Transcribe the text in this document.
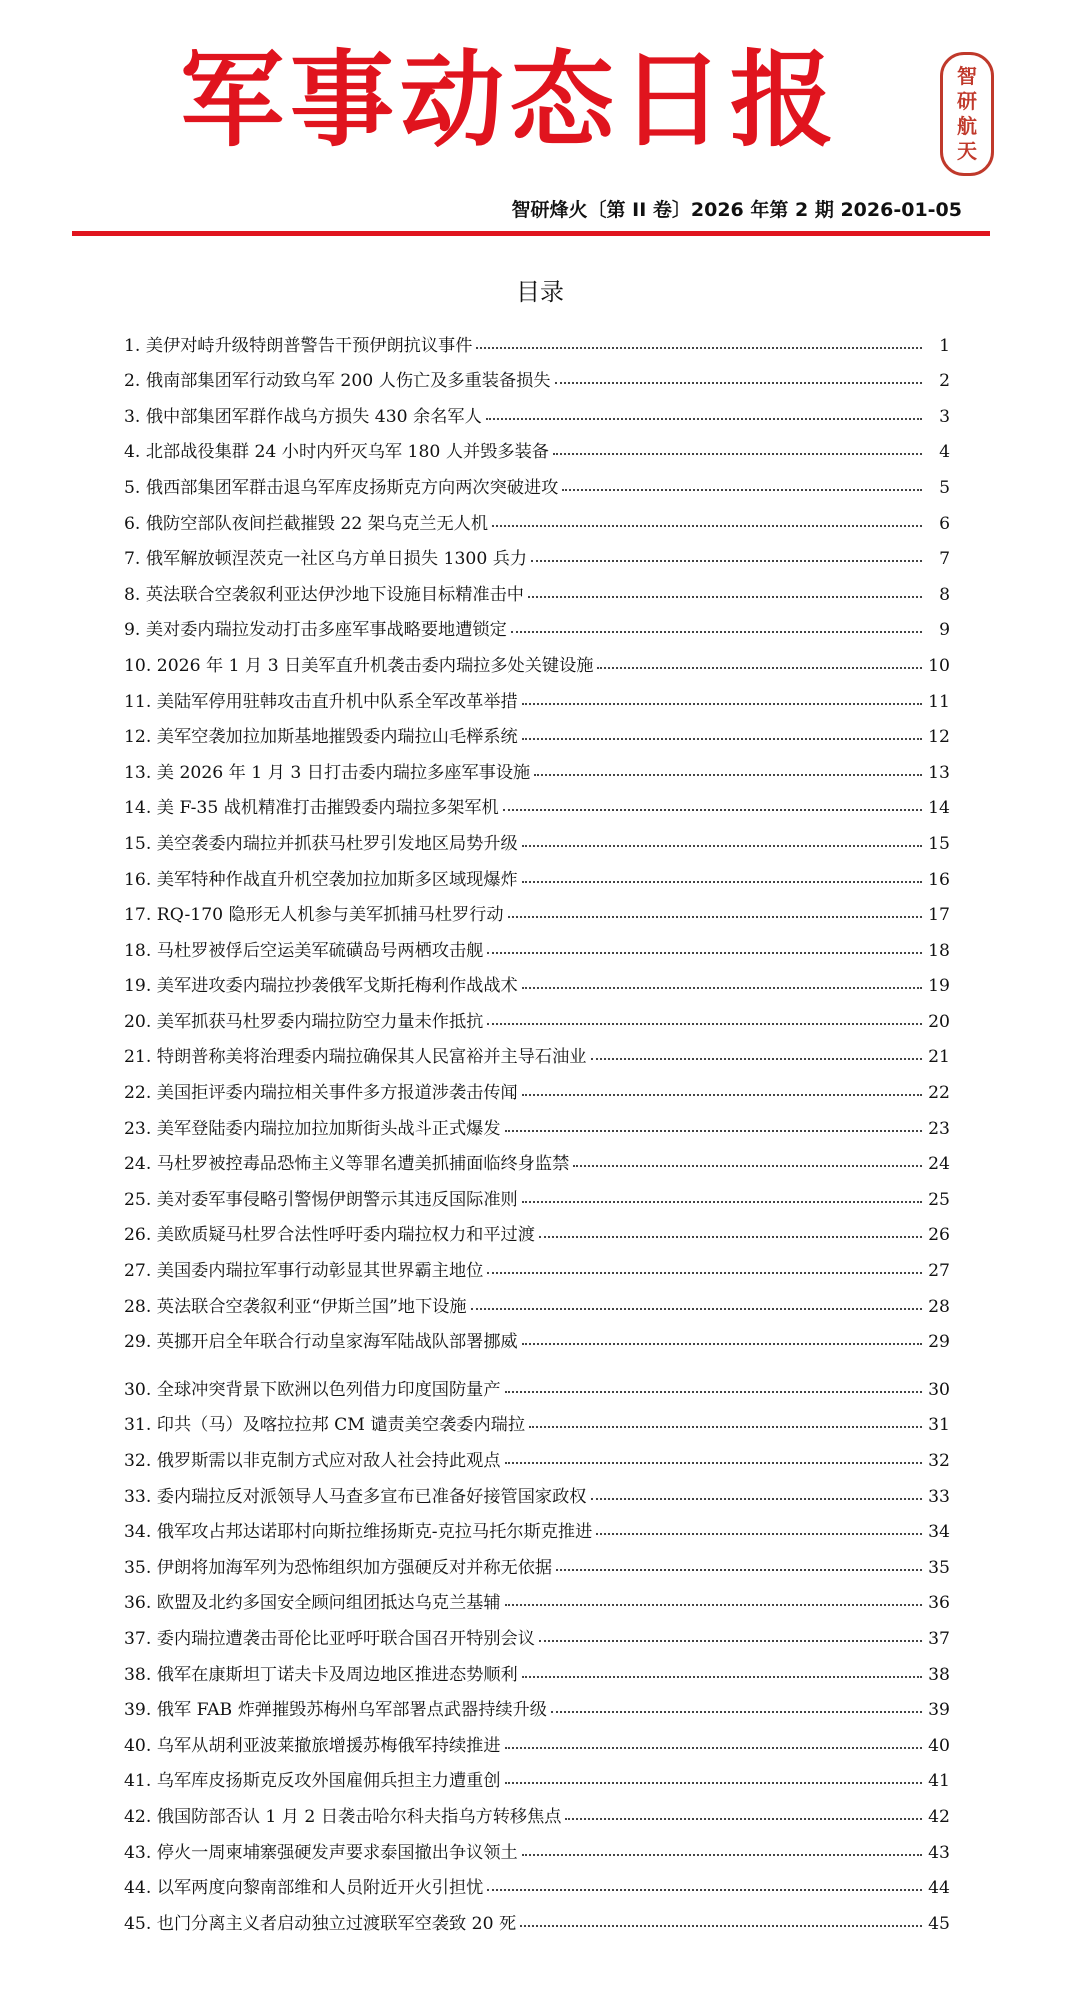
军事动态日报	智
研
航
天
智研烽火〔第 II 卷〕2026 年第 2 期 2026-01-05
目录
1. 美伊对峙升级特朗普警告干预伊朗抗议事件	1
2. 俄南部集团军行动致乌军 200 人伤亡及多重装备损失	2
3. 俄中部集团军群作战乌方损失 430 余名军人	3
4. 北部战役集群 24 小时内歼灭乌军 180 人并毁多装备	4
5. 俄西部集团军群击退乌军库皮扬斯克方向两次突破进攻	5
6. 俄防空部队夜间拦截摧毁 22 架乌克兰无人机	6
7. 俄军解放顿涅茨克一社区乌方单日损失 1300 兵力	7
8. 英法联合空袭叙利亚达伊沙地下设施目标精准击中	8
9. 美对委内瑞拉发动打击多座军事战略要地遭锁定	9
10. 2026 年 1 月 3 日美军直升机袭击委内瑞拉多处关键设施	10
11. 美陆军停用驻韩攻击直升机中队系全军改革举措	11
12. 美军空袭加拉加斯基地摧毁委内瑞拉山毛榉系统	12
13. 美 2026 年 1 月 3 日打击委内瑞拉多座军事设施	13
14. 美 F-35 战机精准打击摧毁委内瑞拉多架军机	14
15. 美空袭委内瑞拉并抓获马杜罗引发地区局势升级	15
16. 美军特种作战直升机空袭加拉加斯多区域现爆炸	16
17. RQ-170 隐形无人机参与美军抓捕马杜罗行动	17
18. 马杜罗被俘后空运美军硫磺岛号两栖攻击舰	18
19. 美军进攻委内瑞拉抄袭俄军戈斯托梅利作战战术	19
20. 美军抓获马杜罗委内瑞拉防空力量未作抵抗	20
21. 特朗普称美将治理委内瑞拉确保其人民富裕并主导石油业	21
22. 美国拒评委内瑞拉相关事件多方报道涉袭击传闻	22
23. 美军登陆委内瑞拉加拉加斯街头战斗正式爆发	23
24. 马杜罗被控毒品恐怖主义等罪名遭美抓捕面临终身监禁	24
25. 美对委军事侵略引警惕伊朗警示其违反国际准则	25
26. 美欧质疑马杜罗合法性呼吁委内瑞拉权力和平过渡	26
27. 美国委内瑞拉军事行动彰显其世界霸主地位	27
28. 英法联合空袭叙利亚“伊斯兰国”地下设施	28
29. 英挪开启全年联合行动皇家海军陆战队部署挪威	29
30. 全球冲突背景下欧洲以色列借力印度国防量产	30
31. 印共（马）及喀拉拉邦 CM 谴责美空袭委内瑞拉	31
32. 俄罗斯需以非克制方式应对敌人社会持此观点	32
33. 委内瑞拉反对派领导人马查多宣布已准备好接管国家政权	33
34. 俄军攻占邦达诺耶村向斯拉维扬斯克-克拉马托尔斯克推进	34
35. 伊朗将加海军列为恐怖组织加方强硬反对并称无依据	35
36. 欧盟及北约多国安全顾问组团抵达乌克兰基辅	36
37. 委内瑞拉遭袭击哥伦比亚呼吁联合国召开特别会议	37
38. 俄军在康斯坦丁诺夫卡及周边地区推进态势顺利	38
39. 俄军 FAB 炸弹摧毁苏梅州乌军部署点武器持续升级	39
40. 乌军从胡利亚波莱撤旅增援苏梅俄军持续推进	40
41. 乌军库皮扬斯克反攻外国雇佣兵担主力遭重创	41
42. 俄国防部否认 1 月 2 日袭击哈尔科夫指乌方转移焦点	42
43. 停火一周柬埔寨强硬发声要求泰国撤出争议领土	43
44. 以军两度向黎南部维和人员附近开火引担忧	44
45. 也门分离主义者启动独立过渡联军空袭致 20 死	45
